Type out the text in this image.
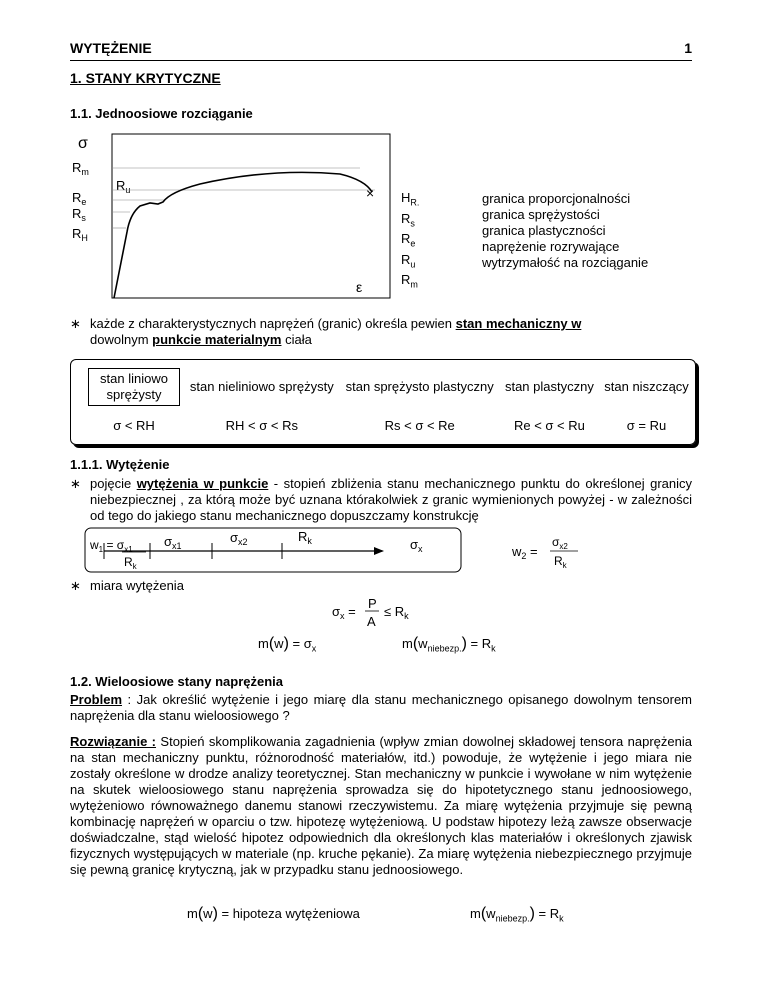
WYTĘŻENIE	1
1. STANY KRYTYCZNE
1.1. Jednoosiowe rozciąganie
σ
$R_m$
$R_u$
$R_e$
$R_s$
$R_H$
×
ε
$H_{R.}$
$R_s$
$R_e$
$R_u$
$R_m$
granica proporcjonalności
granica sprężystości
granica plastyczności
naprężenie rozrywające
wytrzymałość na rozciąganie
∗ każde z charakterystycznych naprężeń (granic) określa pewien stan mechaniczny w
dowolnym punkcie materialnym ciała
stan liniowo sprężysty	stan nieliniowo sprężysty	stan sprężysto plastyczny	stan plastyczny	stan niszczący
σ < RH	RH < σ < Rs	Rs < σ < Re	Re < σ < Ru	σ = Ru
1.1.1. Wytężenie
∗ pojęcie wytężenia w punkcie - stopień zbliżenia stanu mechanicznego punktu do określonej granicy niebezpiecznej , za którą może być uznana którakolwiek z granic wymienionych powyżej - w zależności od tego do jakiego stanu mechanicznego dopuszczamy konstrukcję
$w_1 = \sigma_{x1}$
$R_k$
$\sigma_{x1}$
$\sigma_{x2}$	$R_k$	$\sigma_x$	$w_2$ =
$\sigma_{x2}$
$R_k$
∗ miara wytężenia
$\sigma_x$ =
P
A
≤ $R_k$
$m(w) = \sigma_x$	$m(w_{niebezp.}) = R_k$
1.2. Wieloosiowe stany naprężenia

Problem : Jak określić wytężenie i jego miarę dla stanu mechanicznego opisanego dowolnym tensorem naprężenia dla stanu wieloosiowego ?

Rozwiązanie : Stopień skomplikowania zagadnienia (wpływ zmian dowolnej składowej tensora naprężenia na stan mechaniczny punktu, różnorodność materiałów, itd.) powoduje, że wytężenie i jego miara nie zostały określone w drodze analizy teoretycznej. Stan mechaniczny w punkcie i wywołane w nim wytężenie na skutek wieloosiowego stanu naprężenia sprowadza się do hipotetycznego stanu jednoosiowego, wytężeniowo równoważnego danemu stanowi rzeczywistemu. Za miarę wytężenia przyjmuje się pewną kombinację naprężeń w oparciu o tzw. hipotezę wytężeniową. U podstaw hipotezy leżą zawsze obserwacje doświadczalne, stąd wielość hipotez odpowiednich dla określonych klas materiałów i określonych zjawisk fizycznych występujących w materiale (np. kruche pękanie). Za miarę wytężenia niebezpiecznego przyjmuje się pewną granicę krytyczną, jak w przypadku stanu jednoosiowego.

m(w) = hipoteza wytężeniowa	$m(w_{niebezp.}) = R_k$
